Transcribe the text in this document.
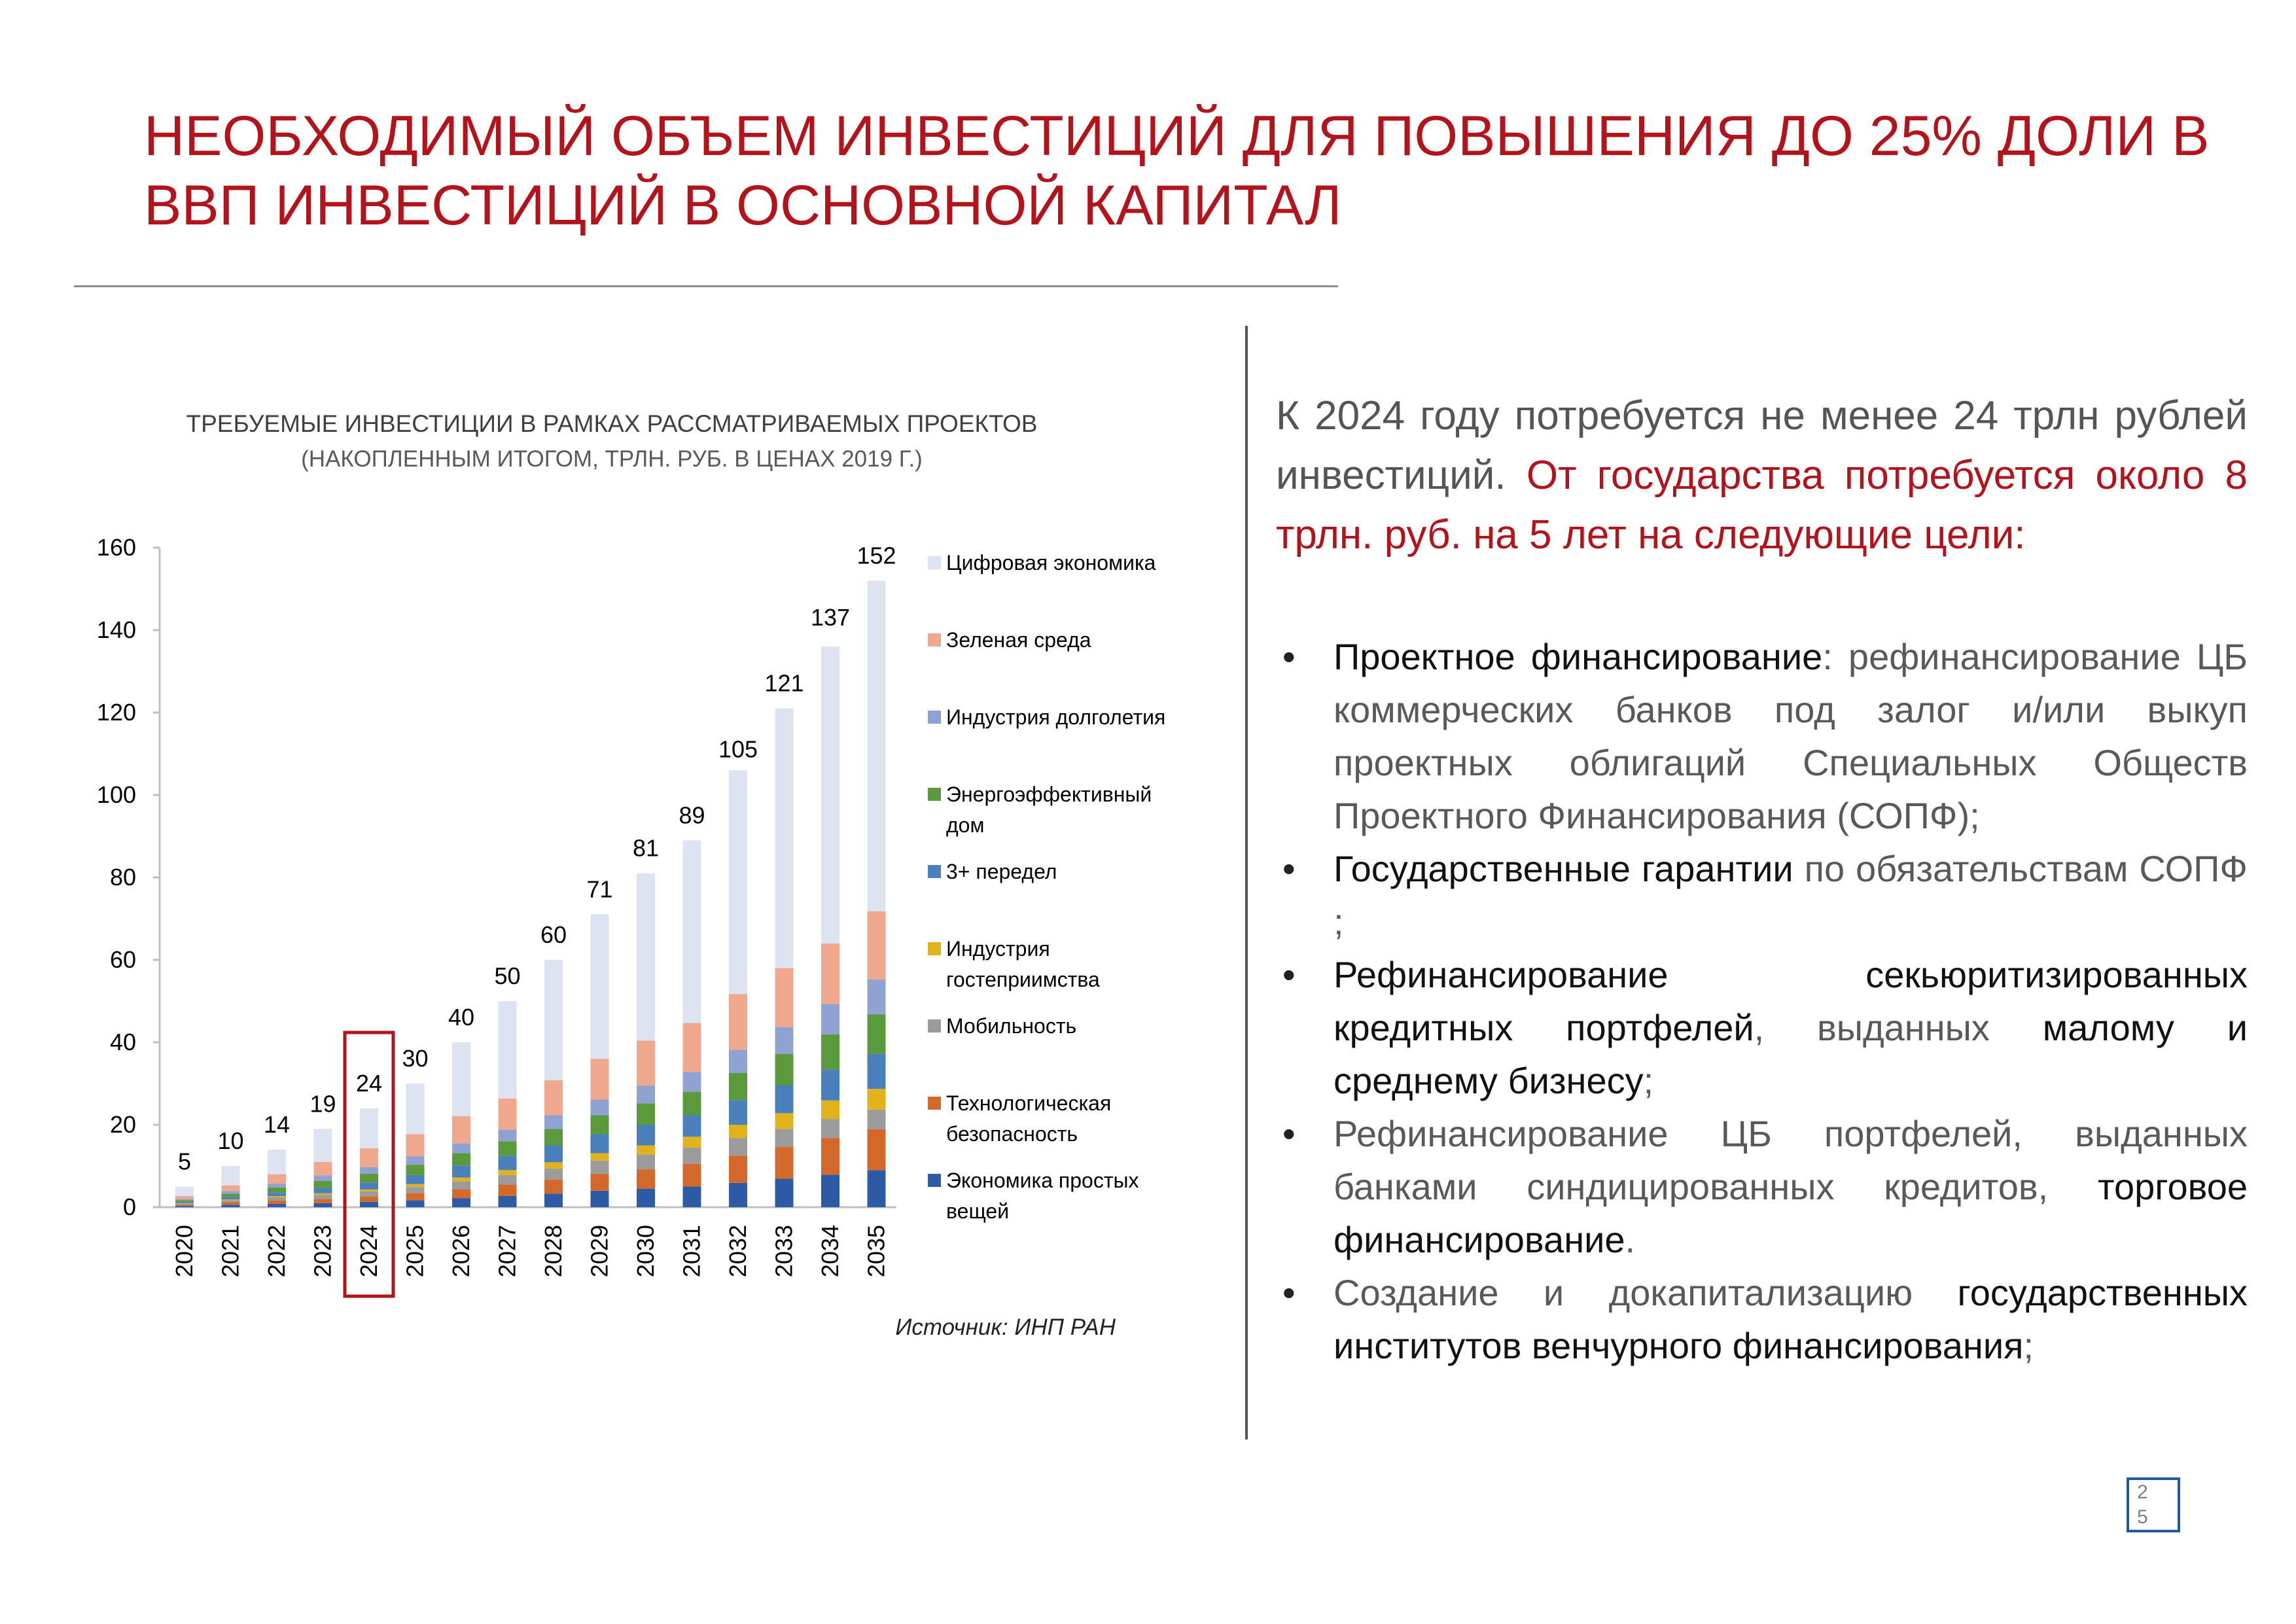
НЕОБХОДИМЫЙ ОБЪЕМ ИНВЕСТИЦИЙ ДЛЯ ПОВЫШЕНИЯ ДО 25% ДОЛИ В ВВП ИНВЕСТИЦИЙ В ОСНОВНОЙ КАПИТАЛ
ТРЕБУЕМЫЕ ИНВЕСТИЦИИ В РАМКАХ РАССМАТРИВАЕМЫХ ПРОЕКТОВ
(НАКОПЛЕННЫМ ИТОГОМ, ТРЛН. РУБ. В ЦЕНАХ 2019 Г.)
0
20
40
60
80
100
120
140
160
5
2020
10
2021
14
2022
19
2023
24
2024
30
2025
40
2026
50
2027
60
2028
71
2029
81
2030
89
2031
105
2032
121
2033
137
2034
152
2035
Цифровая экономика
Зеленая среда
Индустрия долголетия
Энергоэффективный
дом
3+ передел
Индустрия
гостеприимства
Мобильность
Технологическая
безопасность
Экономика простых
вещей
Источник: ИНП РАН

К 2024 году потребуется не менее 24 трлн рублей инвестиций. От государства потребуется около 8 трлн. руб. на 5 лет на следующие цели:

• Проектное финансирование: рефинансирование ЦБ коммерческих банков под залог и/или выкуп проектных облигаций Специальных Обществ Проектного Финансирования (СОПФ);
• Государственные гарантии по обязательствам СОПФ ;
• Рефинансирование секьюритизированных кредитных портфелей, выданных малому и среднему бизнесу;
• Рефинансирование ЦБ портфелей, выданных банками синдицированных кредитов, торговое финансирование.
• Создание и докапитализацию государственных институтов венчурного финансирования;
2
5
